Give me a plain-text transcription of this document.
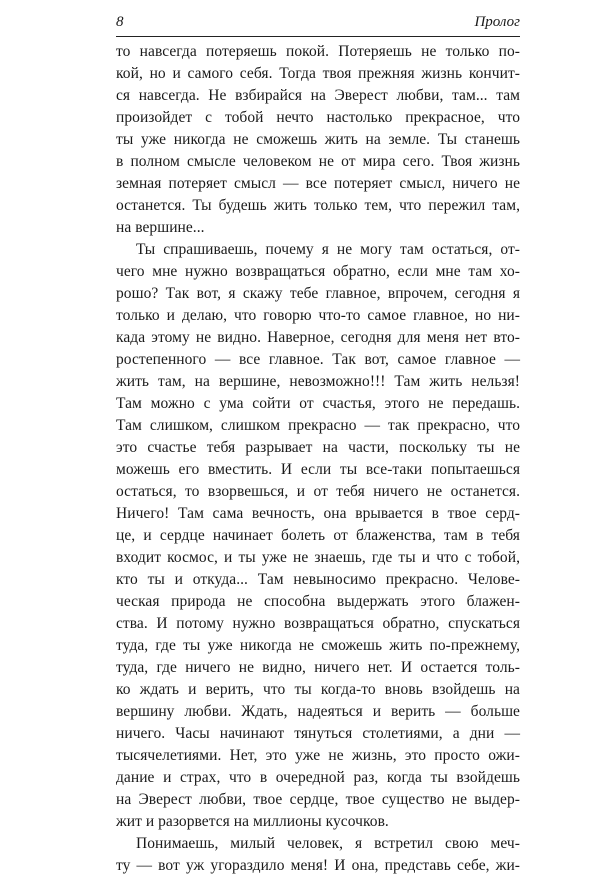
8	Пролог
то навсегда потеряешь покой. Потеряешь не только по-
кой, но и самого себя. Тогда твоя прежняя жизнь кончит-
ся навсегда. Не взбирайся на Эверест любви, там... там
произойдет с тобой нечто настолько прекрасное, что
ты уже никогда не сможешь жить на земле. Ты станешь
в полном смысле человеком не от мира сего. Твоя жизнь
земная потеряет смысл — все потеряет смысл, ничего не
останется. Ты будешь жить только тем, что пережил там,
на вершине...
Ты спрашиваешь, почему я не могу там остаться, от-
чего мне нужно возвращаться обратно, если мне там хо-
рошо? Так вот, я скажу тебе главное, впрочем, сегодня я
только и делаю, что говорю что-то самое главное, но ни-
када этому не видно. Наверное, сегодня для меня нет вто-
ростепенного — все главное. Так вот, самое главное —
жить там, на вершине, невозможно!!! Там жить нельзя!
Там можно с ума сойти от счастья, этого не передашь.
Там слишком, слишком прекрасно — так прекрасно, что
это счастье тебя разрывает на части, поскольку ты не
можешь его вместить. И если ты все-таки попытаешься
остаться, то взорвешься, и от тебя ничего не останется.
Ничего! Там сама вечность, она врывается в твое серд-
це, и сердце начинает болеть от блаженства, там в тебя
входит космос, и ты уже не знаешь, где ты и что с тобой,
кто ты и откуда... Там невыносимо прекрасно. Челове-
ческая природа не способна выдержать этого блажен-
ства. И потому нужно возвращаться обратно, спускаться
туда, где ты уже никогда не сможешь жить по-прежнему,
туда, где ничего не видно, ничего нет. И остается толь-
ко ждать и верить, что ты когда-то вновь взойдешь на
вершину любви. Ждать, надеяться и верить — больше
ничего. Часы начинают тянуться столетиями, а дни —
тысячелетиями. Нет, это уже не жизнь, это просто ожи-
дание и страх, что в очередной раз, когда ты взойдешь
на Эверест любви, твое сердце, твое существо не выдер-
жит и разорвется на миллионы кусочков.
Понимаешь, милый человек, я встретил свою меч-
ту — вот уж угораздило меня! И она, представь себе, жи-
